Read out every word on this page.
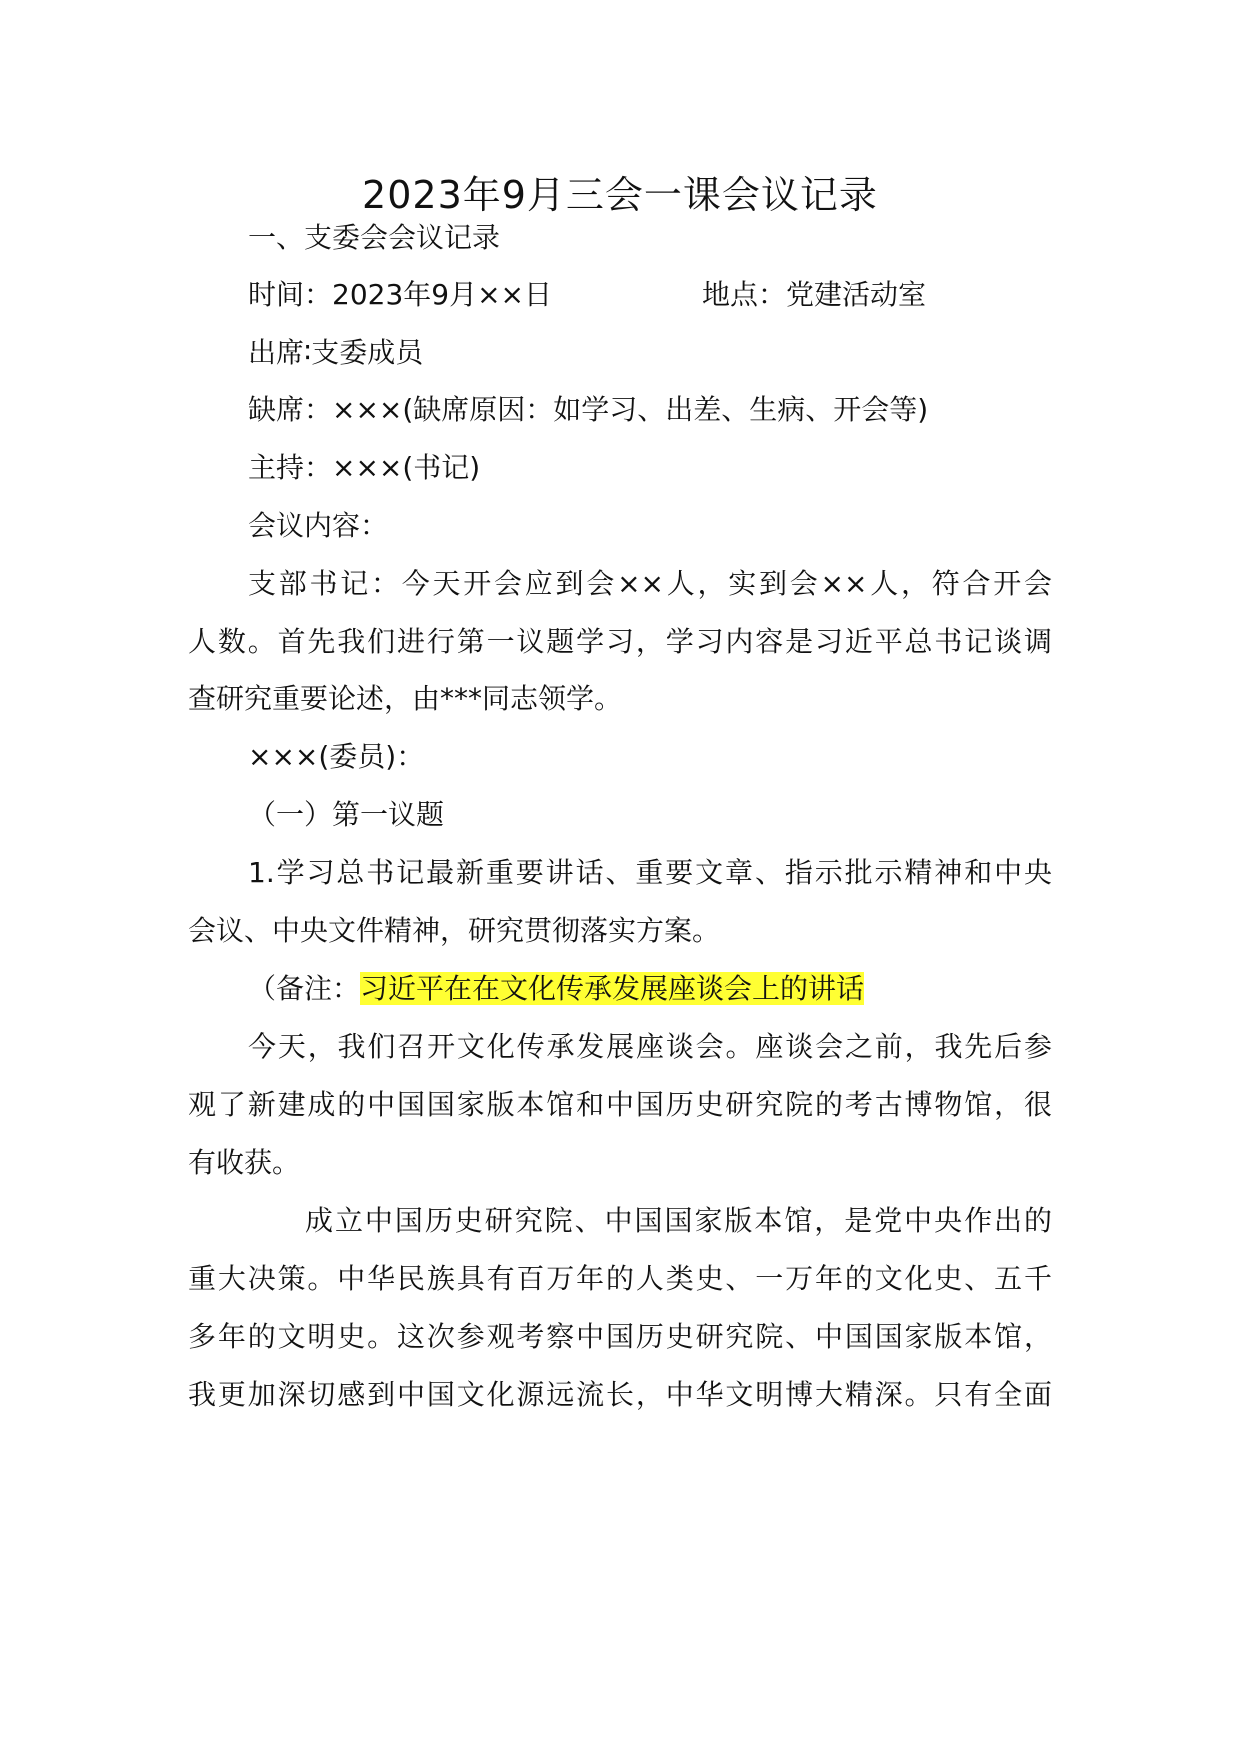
2023年9月三会一课会议记录
一、支委会会议记录
时间：2023年9月××日	地点：党建活动室
出席∶支委成员
缺席：×××(缺席原因：如学习、出差、生病、开会等)
主持：×××(书记)
会议内容：
支部书记：今天开会应到会××人，实到会××人，符合开会
人数。首先我们进行第一议题学习，学习内容是习近平总书记谈调
查研究重要论述，由***同志领学。
×××(委员)：
（一）第一议题
1.学习总书记最新重要讲话、重要文章、指示批示精神和中央
会议、中央文件精神，研究贯彻落实方案。
（备注：习近平在在文化传承发展座谈会上的讲话
今天，我们召开文化传承发展座谈会。座谈会之前，我先后参
观了新建成的中国国家版本馆和中国历史研究院的考古博物馆，很
有收获。
成立中国历史研究院、中国国家版本馆，是党中央作出的
重大决策。中华民族具有百万年的人类史、一万年的文化史、五千
多年的文明史。这次参观考察中国历史研究院、中国国家版本馆，
我更加深切感到中国文化源远流长，中华文明博大精深。只有全面
